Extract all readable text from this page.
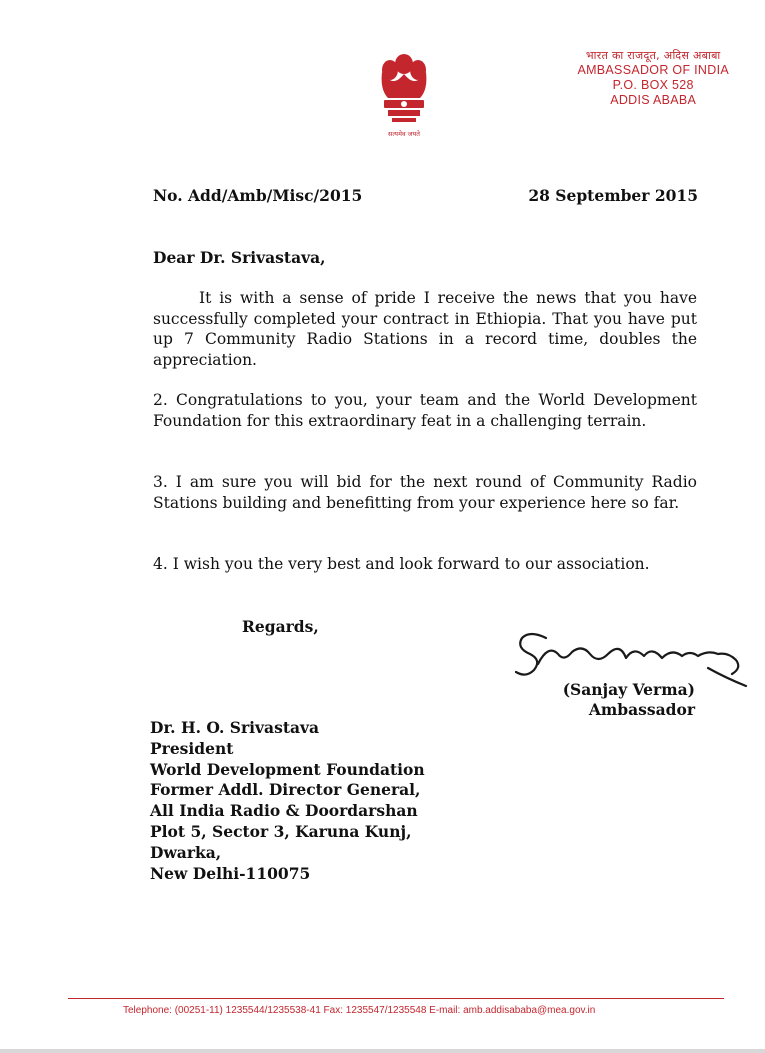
सत्यमेव जयते
भारत का राजदूत, अदिस अबाबा
AMBASSADOR OF INDIA
P.O. BOX 528
ADDIS ABABA
No. Add/Amb/Misc/2015	28 September 2015
Dear Dr. Srivastava,

It is with a sense of pride I receive the news that you have successfully completed your contract in Ethiopia. That you have put up 7 Community Radio Stations in a record time, doubles the appreciation.

2. Congratulations to you, your team and the World Development Foundation for this extraordinary feat in a challenging terrain.

3. I am sure you will bid for the next round of Community Radio Stations building and benefitting from your experience here so far.

4. I wish you the very best and look forward to our association.

Regards,
(Sanjay Verma)
Ambassador
Dr. H. O. Srivastava
President
World Development Foundation
Former Addl. Director General,
All India Radio & Doordarshan
Plot 5, Sector 3, Karuna Kunj,
Dwarka,
New Delhi-110075
Telephone: (00251-11) 1235544/1235538-41 Fax: 1235547/1235548 E-mail: amb.addisababa@mea.gov.in
